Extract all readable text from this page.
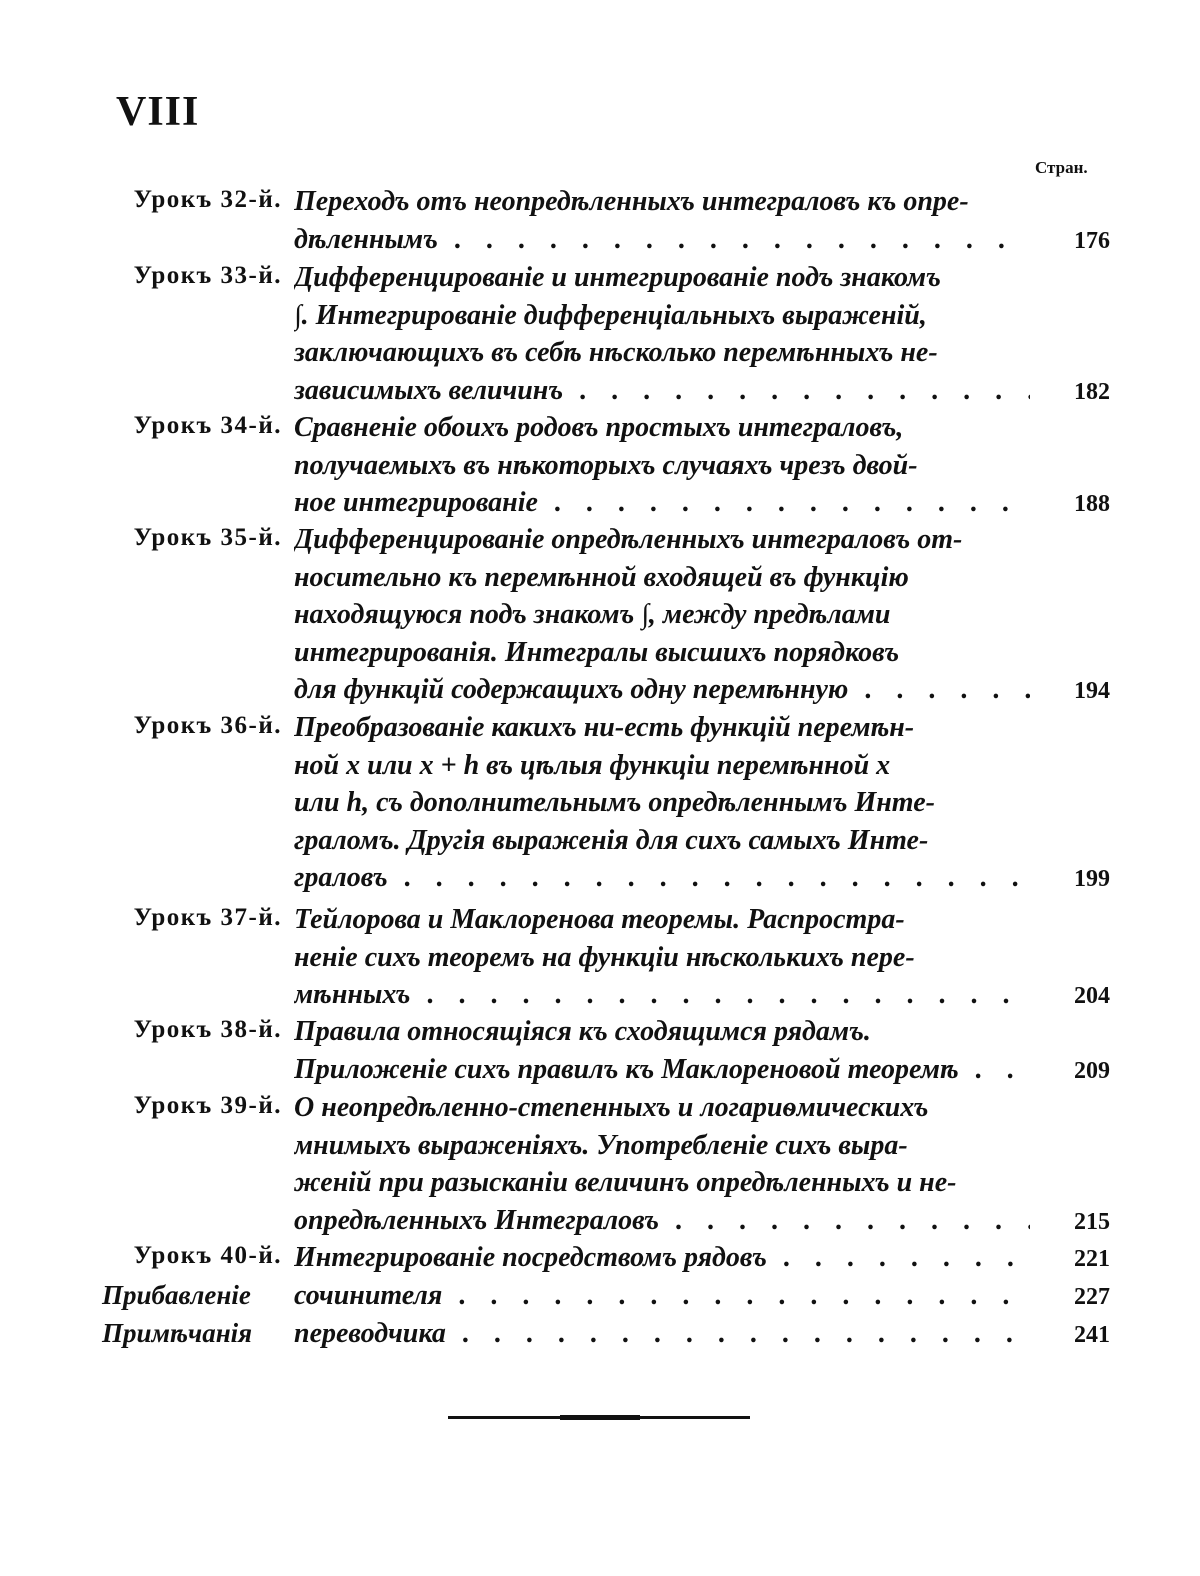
VIII
Стран.
Урокъ 32-й. Переходъ отъ неопредѣленныхъ интеграловъ къ опре-
дѣленнымъ . . .	176
Урокъ 33-й. Дифференцированіе и интегрированіе подъ знакомъ
∫. Интегрированіе дифференціальныхъ выраженій,
заключающихъ въ себѣ нѣсколько перемѣнныхъ не-
зависимыхъ величинъ . . .	182
Урокъ 34-й. Сравненіе обоихъ родовъ простыхъ интеграловъ,
получаемыхъ въ нѣкоторыхъ случаяхъ чрезъ двой-
ное интегрированіе . . .	188
Урокъ 35-й. Дифференцированіе опредѣленныхъ интеграловъ от-
носительно къ перемѣнной входящей въ функцію
находящуюся подъ знакомъ ∫, между предѣлами
интегрированія. Интегралы высшихъ порядковъ
для функцій содержащихъ одну перемѣнную . . .	194
Урокъ 36-й. Преобразованіе какихъ ни-есть функцій перемѣн-
ной x или x + h въ цѣлыя функціи перемѣнной x
или h, съ дополнительнымъ опредѣленнымъ Инте-
граломъ. Другія выраженія для сихъ самыхъ Инте-
граловъ . . .	199
Урокъ 37-й. Тейлорова и Маклоренова теоремы. Распростра-
неніе сихъ теоремъ на функціи нѣсколькихъ пере-
мѣнныхъ . . .	204
Урокъ 38-й. Правила относящіяся къ сходящимся рядамъ.
Приложеніе сихъ правилъ къ Маклореновой теоремѣ . . .	209
Урокъ 39-й. О неопредѣленно-степенныхъ и логариѳмическихъ
мнимыхъ выраженіяхъ. Употребленіе сихъ выра-
женій при разысканіи величинъ опредѣленныхъ и не-
опредѣленныхъ Интеграловъ . . .	215
Урокъ 40-й. Интегрированіе посредствомъ рядовъ . . .	221
Прибавленіе	сочинителя . . .	227
Примѣчанія	переводчика . . .	241
